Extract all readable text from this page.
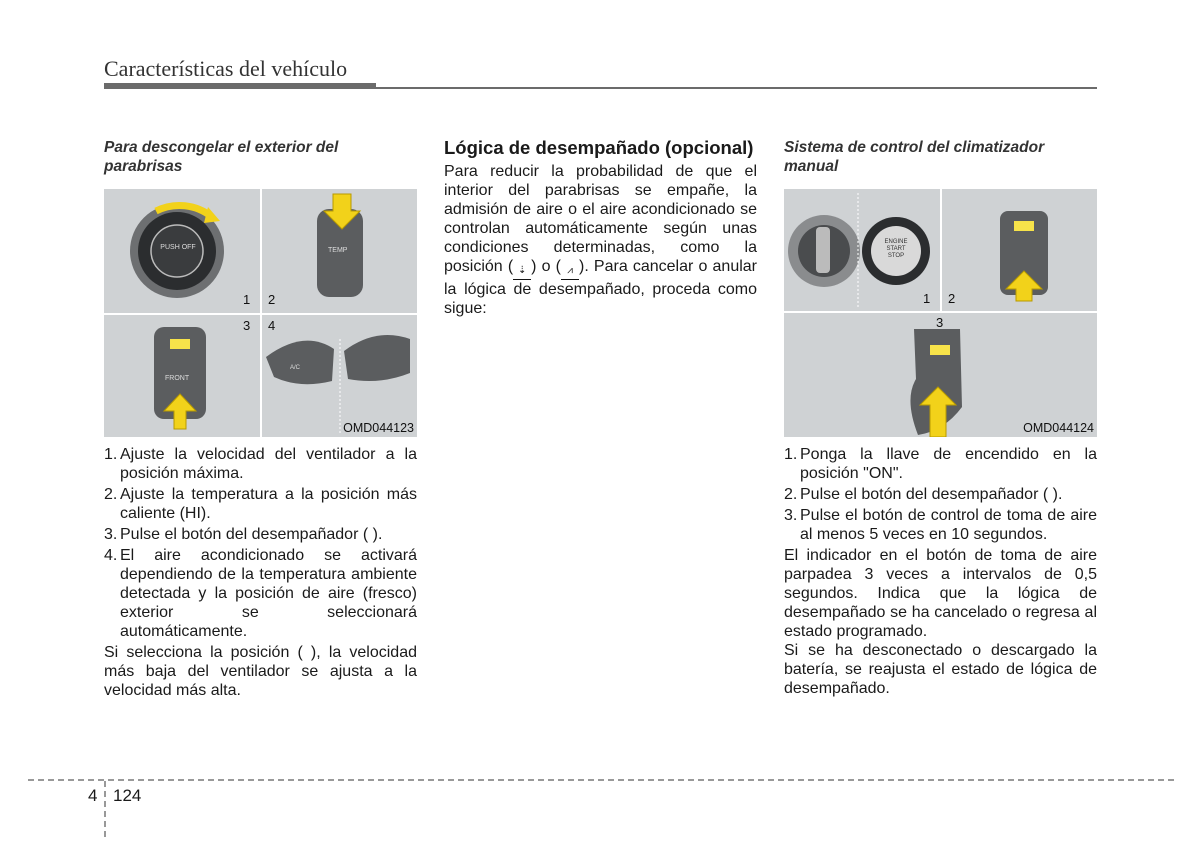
Características del vehículo

Para descongelar el exterior del parabrisas

1 2
3 4
PUSH OFF	TEMP
FRONT
A/C
OMD044123
1. Ajuste la velocidad del ventilador a la posición máxima.
2. Ajuste la temperatura a la posición más caliente (HI).
3. Pulse el botón del desempañador ( ).
4. El aire acondicionado se activará dependiendo de la temperatura ambiente detectada y la posición de aire (fresco) exterior se seleccionará automáticamente.

Si selecciona la posición ( ), la velocidad más baja del ventilador se ajusta a la velocidad más alta.

Lógica de desempañado (opcional)

Para reducir la probabilidad de que el interior del parabrisas se empañe, la admisión de aire o el aire acondicionado se controlan automáticamente según unas condiciones determinadas, como la posición ( ⇣ ) o ( ⩘ ). Para cancelar o anular la lógica de desempañado, proceda como sigue:

Sistema de control del climatizador manual

1 2
3
ENGINE START STOP
OMD044124
1. Ponga la llave de encendido en la posición "ON".
2. Pulse el botón del desempañador ( ).
3. Pulse el botón de control de toma de aire al menos 5 veces en 10 segundos.

El indicador en el botón de toma de aire parpadea 3 veces a intervalos de 0,5 segundos. Indica que la lógica de desempañado se ha cancelado o regresa al estado programado.

Si se ha desconectado o descargado la batería, se reajusta el estado de lógica de desempañado.

4 124
